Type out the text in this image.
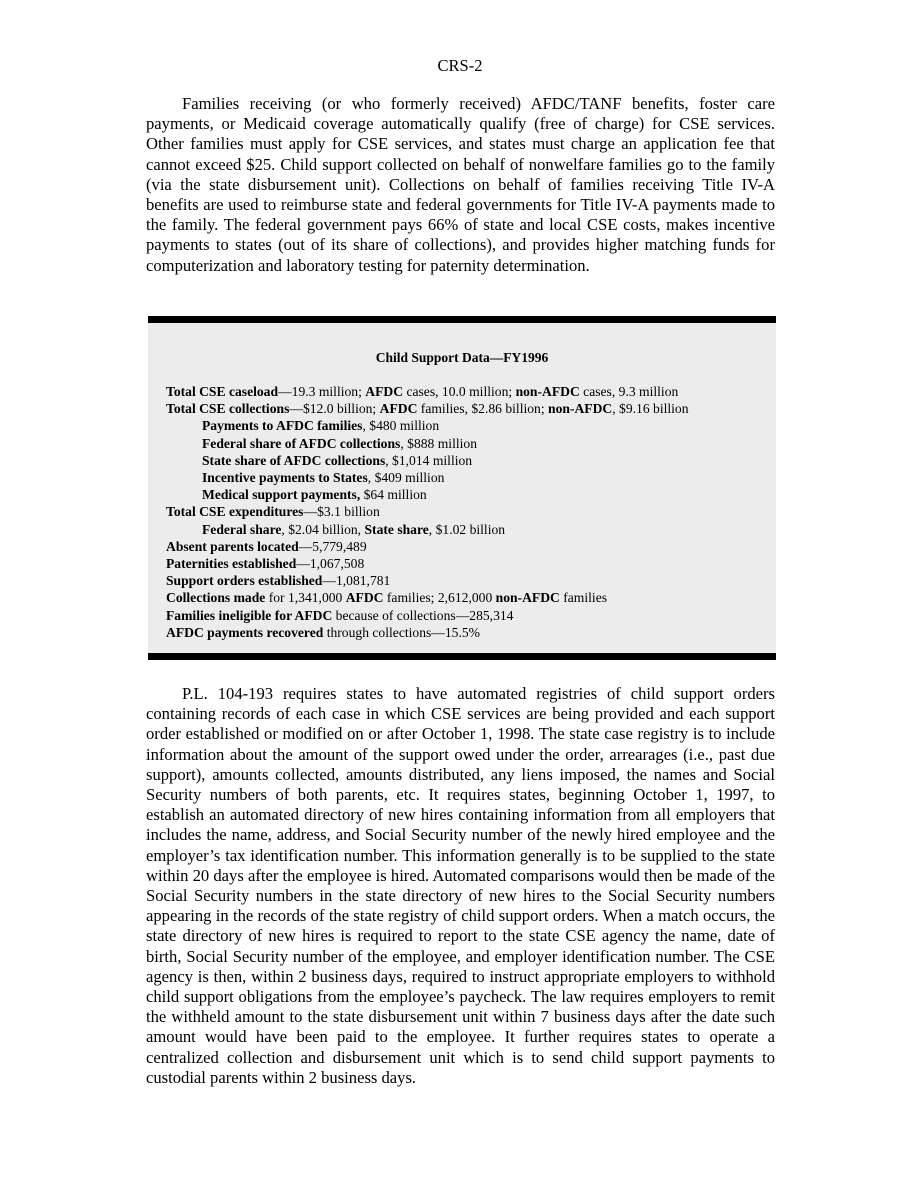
CRS-2

Families receiving (or who formerly received) AFDC/TANF benefits, foster care payments, or Medicaid coverage automatically qualify (free of charge) for CSE services. Other families must apply for CSE services, and states must charge an application fee that cannot exceed $25. Child support collected on behalf of nonwelfare families go to the family (via the state disbursement unit). Collections on behalf of families receiving Title IV-A benefits are used to reimburse state and federal governments for Title IV-A payments made to the family. The federal government pays 66% of state and local CSE costs, makes incentive payments to states (out of its share of collections), and provides higher matching funds for computerization and laboratory testing for paternity determination.

Child Support Data—FY1996
Total CSE caseload—19.3 million; AFDC cases, 10.0 million; non-AFDC cases, 9.3 million
Total CSE collections—$12.0 billion; AFDC families, $2.86 billion; non-AFDC, $9.16 billion
Payments to AFDC families, $480 million
Federal share of AFDC collections, $888 million
State share of AFDC collections, $1,014 million
Incentive payments to States, $409 million
Medical support payments, $64 million
Total CSE expenditures—$3.1 billion
Federal share, $2.04 billion, State share, $1.02 billion
Absent parents located—5,779,489
Paternities established—1,067,508
Support orders established—1,081,781
Collections made for 1,341,000 AFDC families; 2,612,000 non-AFDC families
Families ineligible for AFDC because of collections—285,314
AFDC payments recovered through collections—15.5%

P.L. 104-193 requires states to have automated registries of child support orders containing records of each case in which CSE services are being provided and each support order established or modified on or after October 1, 1998. The state case registry is to include information about the amount of the support owed under the order, arrearages (i.e., past due support), amounts collected, amounts distributed, any liens imposed, the names and Social Security numbers of both parents, etc. It requires states, beginning October 1, 1997, to establish an automated directory of new hires containing information from all employers that includes the name, address, and Social Security number of the newly hired employee and the employer’s tax identification number. This information generally is to be supplied to the state within 20 days after the employee is hired. Automated comparisons would then be made of the Social Security numbers in the state directory of new hires to the Social Security numbers appearing in the records of the state registry of child support orders. When a match occurs, the state directory of new hires is required to report to the state CSE agency the name, date of birth, Social Security number of the employee, and employer identification number. The CSE agency is then, within 2 business days, required to instruct appropriate employers to withhold child support obligations from the employee’s paycheck. The law requires employers to remit the withheld amount to the state disbursement unit within 7 business days after the date such amount would have been paid to the employee. It further requires states to operate a centralized collection and disbursement unit which is to send child support payments to custodial parents within 2 business days.
